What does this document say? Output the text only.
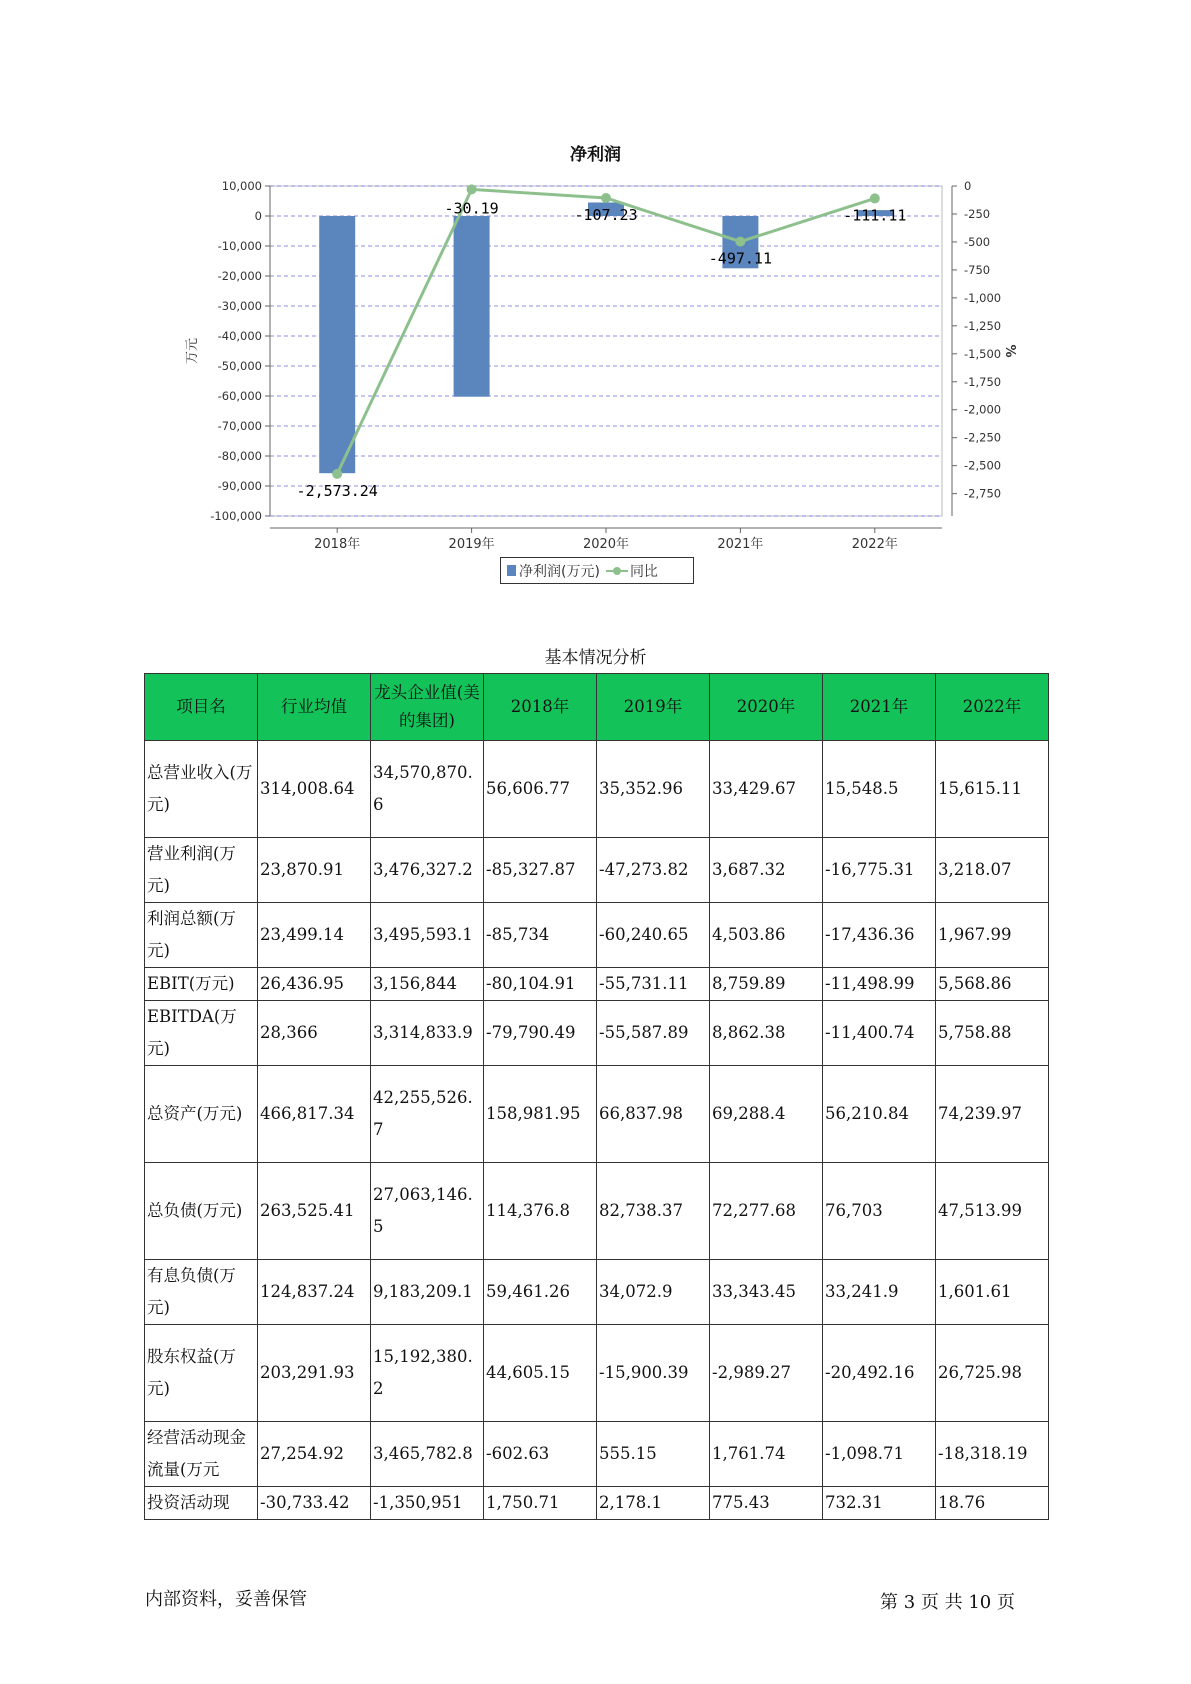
净利润
10,000
0
-10,000
-20,000
-30,000
-40,000
-50,000
-60,000
-70,000
-80,000
-90,000
-100,000
0
-250
-500
-750
-1,000
-1,250
-1,500
-1,750
-2,000
-2,250
-2,500
-2,750
2018年	2019年	2020年	2021年	2022年
万元	%
-2,573.24
-30.19	-107.23
-497.11
-111.11
净利润(万元) 同比
基本情况分析
项目名	行业均值	龙头企业值(美的集团)	2018年	2019年	2020年	2021年	2022年
总营业收入(万元)	314,008.64	34,570,870.6	56,606.77	35,352.96	33,429.67	15,548.5	15,615.11
营业利润(万元)	23,870.91	3,476,327.2	-85,327.87	-47,273.82	3,687.32	-16,775.31	3,218.07
利润总额(万元)	23,499.14	3,495,593.1	-85,734	-60,240.65	4,503.86	-17,436.36	1,967.99
EBIT(万元)	26,436.95	3,156,844	-80,104.91	-55,731.11	8,759.89	-11,498.99	5,568.86
EBITDA(万元)	28,366	3,314,833.9	-79,790.49	-55,587.89	8,862.38	-11,400.74	5,758.88
总资产(万元)	466,817.34	42,255,526.7	158,981.95	66,837.98	69,288.4	56,210.84	74,239.97
总负债(万元)	263,525.41	27,063,146.5	114,376.8	82,738.37	72,277.68	76,703	47,513.99
有息负债(万元)	124,837.24	9,183,209.1	59,461.26	34,072.9	33,343.45	33,241.9	1,601.61
股东权益(万元)	203,291.93	15,192,380.2	44,605.15	-15,900.39	-2,989.27	-20,492.16	26,725.98
经营活动现金流量(万元	27,254.92	3,465,782.8	-602.63	555.15	1,761.74	-1,098.71	-18,318.19
投资活动现	-30,733.42	-1,350,951	1,750.71	2,178.1	775.43	732.31	18.76
内部资料，妥善保管	第 3 页 共 10 页
